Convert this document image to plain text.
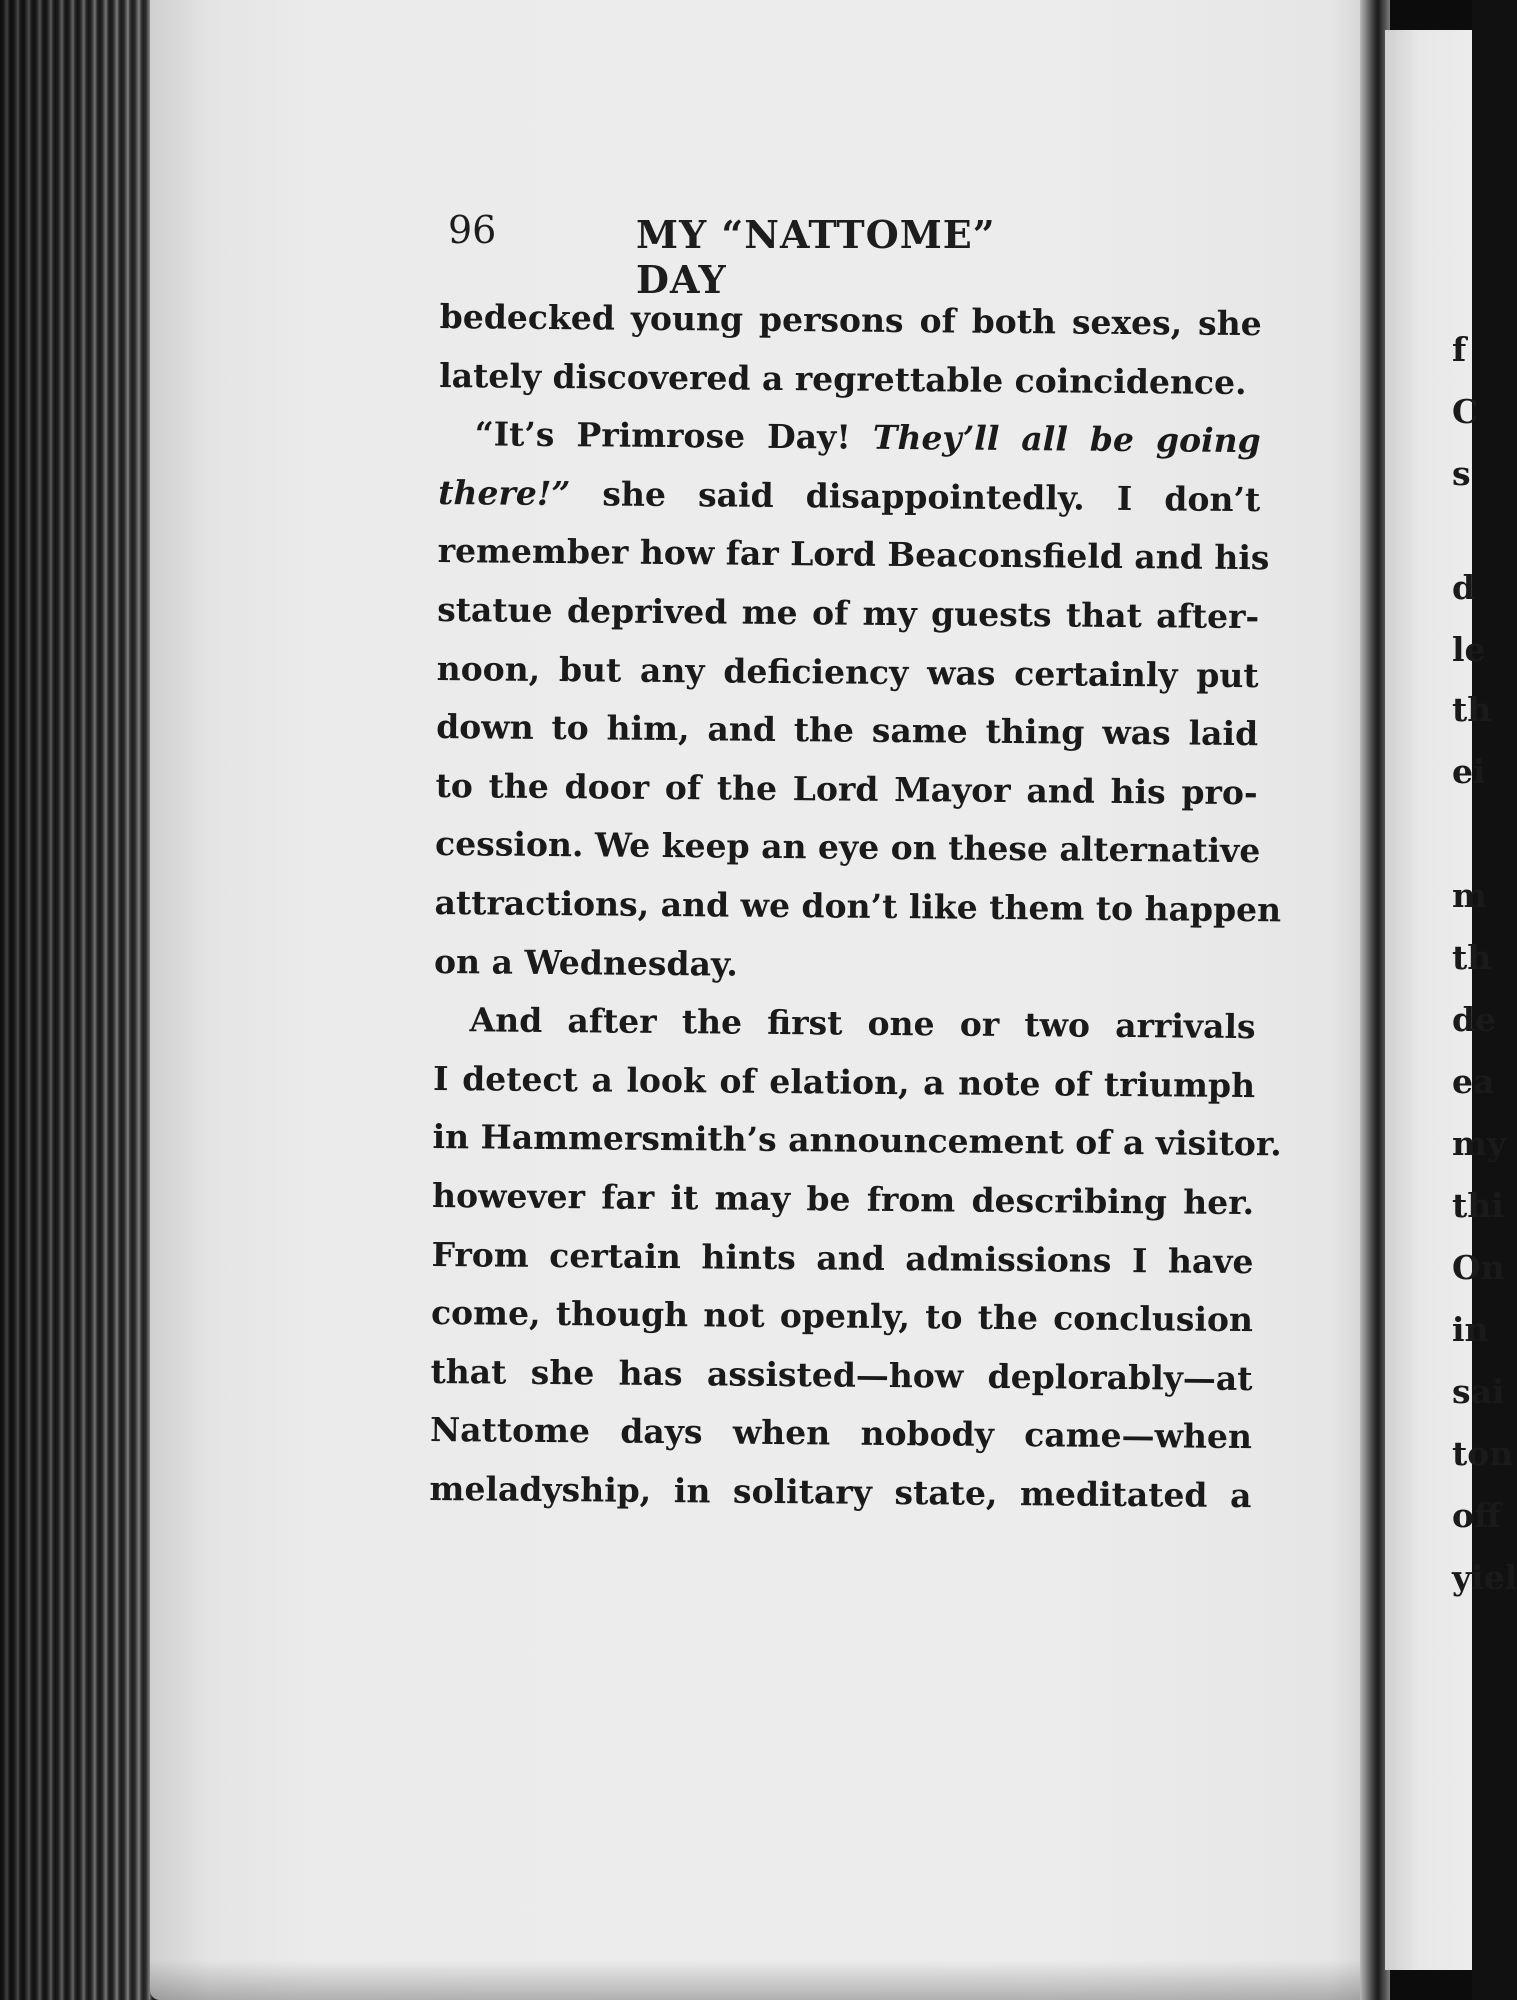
96	MY “NATTOME” DAY
bedecked young persons of both sexes, she
lately discovered a regrettable coincidence.
“It’s Primrose Day! They’ll all be going
there!” she said disappointedly. I don’t
remember how far Lord Beaconsfield and his
statue deprived me of my guests that after-
noon, but any deficiency was certainly put
down to him, and the same thing was laid
to the door of the Lord Mayor and his pro-
cession. We keep an eye on these alternative
attractions, and we don’t like them to happen
on a Wednesday.
And after the first one or two arrivals
I detect a look of elation, a note of triumph
in Hammersmith’s announcement of a visitor.
however far it may be from describing her.
From certain hints and admissions I have
come, though not openly, to the conclusion
that she has assisted—how deplorably—at
Nattome days when nobody came—when
meladyship, in solitary state, meditated a
f
C
s
d
le
th
ei
m
th
de
ea
my
thi
On
in
sai
ton
off
yiel
